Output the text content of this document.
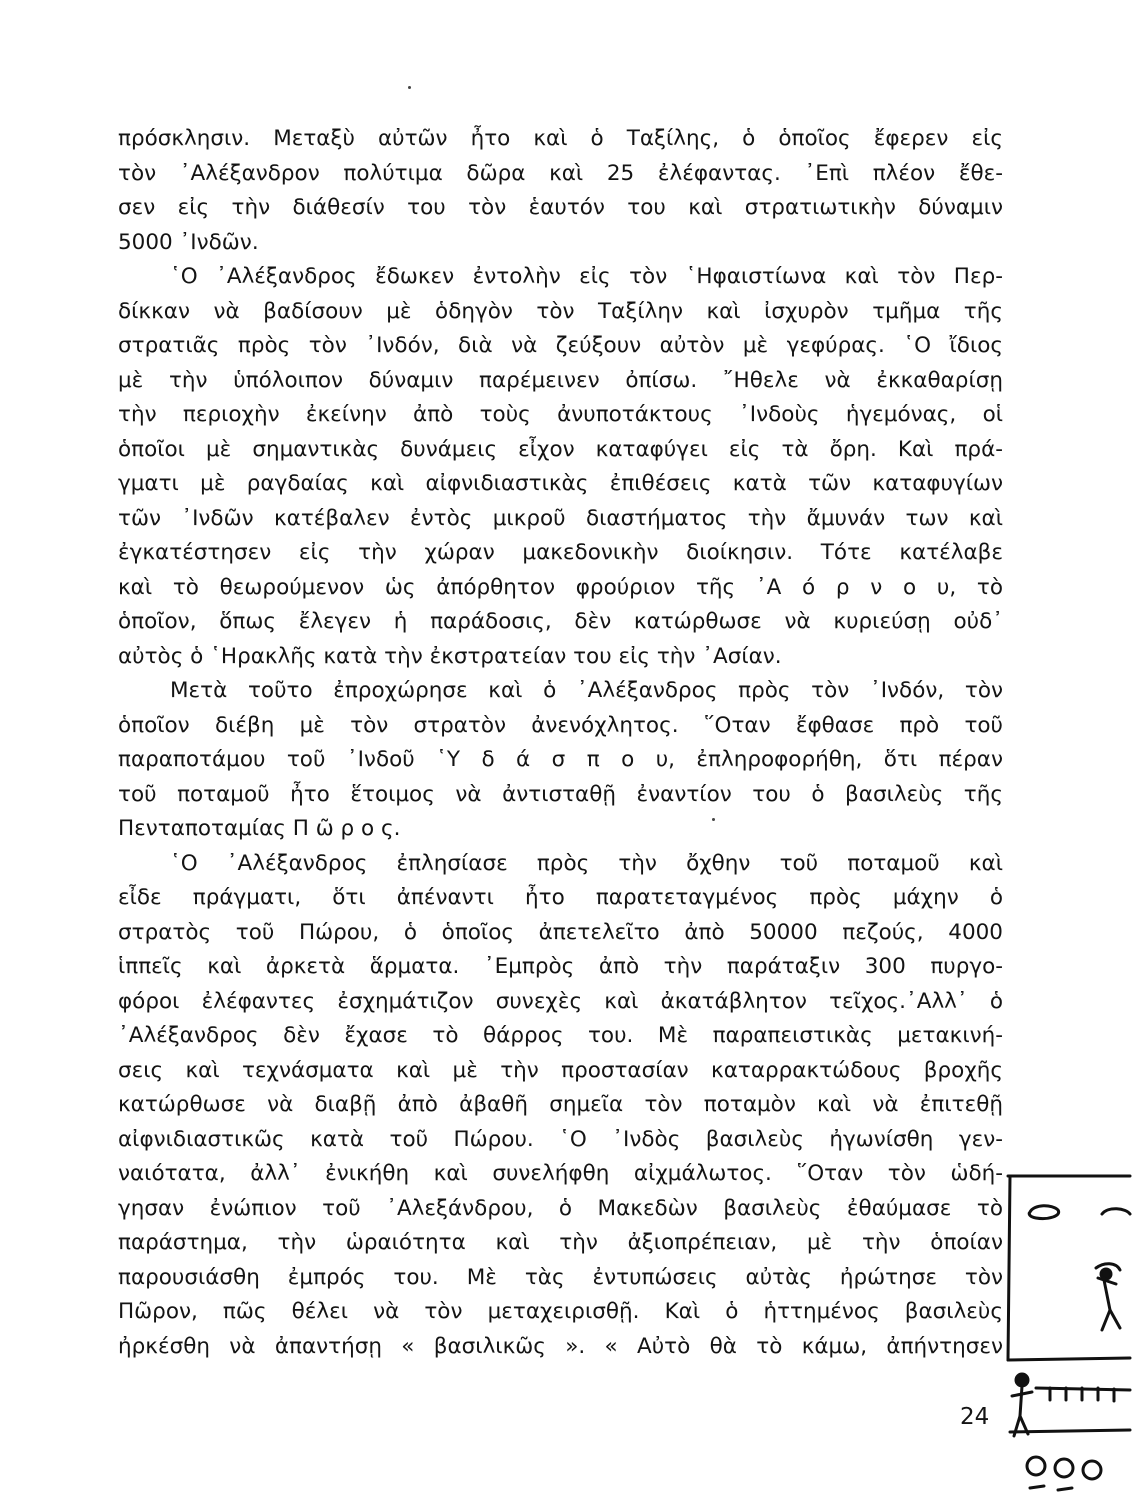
πρόσκλησιν. Μεταξὺ αὐτῶν ἦτο καὶ ὁ Ταξίλης, ὁ ὁποῖος ἔφερεν εἰς
τὸν ᾿Αλέξανδρον πολύτιμα δῶρα καὶ 25 ἐλέφαντας. ᾿Επὶ πλέον ἔθε-
σεν εἰς τὴν διάθεσίν του τὸν ἑαυτόν του καὶ στρατιωτικὴν δύναμιν
5000 ᾿Ινδῶν.
῾Ο ᾿Αλέξανδρος ἔδωκεν ἐντολὴν εἰς τὸν ῾Ηφαιστίωνα καὶ τὸν Περ-
δίκκαν νὰ βαδίσουν μὲ ὁδηγὸν τὸν Ταξίλην καὶ ἰσχυρὸν τμῆμα τῆς
στρατιᾶς πρὸς τὸν ᾿Ινδόν, διὰ νὰ ζεύξουν αὐτὸν μὲ γεφύρας. ῾Ο ἴδιος
μὲ τὴν ὑπόλοιπον δύναμιν παρέμεινεν ὀπίσω. ῎Ηθελε νὰ ἐκκαθαρίσῃ
τὴν περιοχὴν ἐκείνην ἀπὸ τοὺς ἀνυποτάκτους ᾿Ινδοὺς ἡγεμόνας, οἱ
ὁποῖοι μὲ σημαντικὰς δυνάμεις εἶχον καταφύγει εἰς τὰ ὄρη. Καὶ πρά-
γματι μὲ ραγδαίας καὶ αἰφνιδιαστικὰς ἐπιθέσεις κατὰ τῶν καταφυγίων
τῶν ᾿Ινδῶν κατέβαλεν ἐντὸς μικροῦ διαστήματος τὴν ἄμυνάν των καὶ
ἐγκατέστησεν εἰς τὴν χώραν μακεδονικὴν διοίκησιν. Τότε κατέλαβε
καὶ τὸ θεωρούμενον ὡς ἀπόρθητον φρούριον τῆς ᾿Α ό ρ ν ο υ, τὸ
ὁποῖον, ὅπως ἔλεγεν ἡ παράδοσις, δὲν κατώρθωσε νὰ κυριεύσῃ οὐδ᾿
αὐτὸς ὁ ῾Ηρακλῆς κατὰ τὴν ἐκστρατείαν του εἰς τὴν ᾿Ασίαν.
Μετὰ τοῦτο ἐπροχώρησε καὶ ὁ ᾿Αλέξανδρος πρὸς τὸν ᾿Ινδόν, τὸν
ὁποῖον διέβη μὲ τὸν στρατὸν ἀνενόχλητος. ῞Οταν ἔφθασε πρὸ τοῦ
παραποτάμου τοῦ ᾿Ινδοῦ ῾Υ δ ά σ π ο υ, ἐπληροφορήθη, ὅτι πέραν
τοῦ ποταμοῦ ἦτο ἕτοιμος νὰ ἀντισταθῇ ἐναντίον του ὁ βασιλεὺς τῆς
Πενταποταμίας Π ῶ ρ ο ς.
῾Ο ᾿Αλέξανδρος ἐπλησίασε πρὸς τὴν ὄχθην τοῦ ποταμοῦ καὶ
εἶδε πράγματι, ὅτι ἀπέναντι ἦτο παρατεταγμένος πρὸς μάχην ὁ
στρατὸς τοῦ Πώρου, ὁ ὁποῖος ἀπετελεῖτο ἀπὸ 50000 πεζούς, 4000
ἱππεῖς καὶ ἀρκετὰ ἅρματα. ᾿Εμπρὸς ἀπὸ τὴν παράταξιν 300 πυργο-
φόροι ἐλέφαντες ἐσχημάτιζον συνεχὲς καὶ ἀκατάβλητον τεῖχος.᾿Αλλ᾿ ὁ
᾿Αλέξανδρος δὲν ἔχασε τὸ θάρρος του. Μὲ παραπειστικὰς μετακινή-
σεις καὶ τεχνάσματα καὶ μὲ τὴν προστασίαν καταρρακτώδους βροχῆς
κατώρθωσε νὰ διαβῇ ἀπὸ ἀβαθῆ σημεῖα τὸν ποταμὸν καὶ νὰ ἐπιτεθῇ
αἰφνιδιαστικῶς κατὰ τοῦ Πώρου. ῾Ο ᾿Ινδὸς βασιλεὺς ἠγωνίσθη γεν-
ναιότατα, ἀλλ᾿ ἐνικήθη καὶ συνελήφθη αἰχμάλωτος. ῞Οταν τὸν ὡδή-
γησαν ἐνώπιον τοῦ ᾿Αλεξάνδρου, ὁ Μακεδὼν βασιλεὺς ἐθαύμασε τὸ
παράστημα, τὴν ὡραιότητα καὶ τὴν ἀξιοπρέπειαν, μὲ τὴν ὁποίαν
παρουσιάσθη ἐμπρός του. Μὲ τὰς ἐντυπώσεις αὐτὰς ἠρώτησε τὸν
Πῶρον, πῶς θέλει νὰ τὸν μεταχειρισθῇ. Καὶ ὁ ἡττημένος βασιλεὺς
ἠρκέσθη νὰ ἀπαντήσῃ « βασιλικῶς ». « Αὐτὸ θὰ τὸ κάμω, ἀπήντησεν
24
